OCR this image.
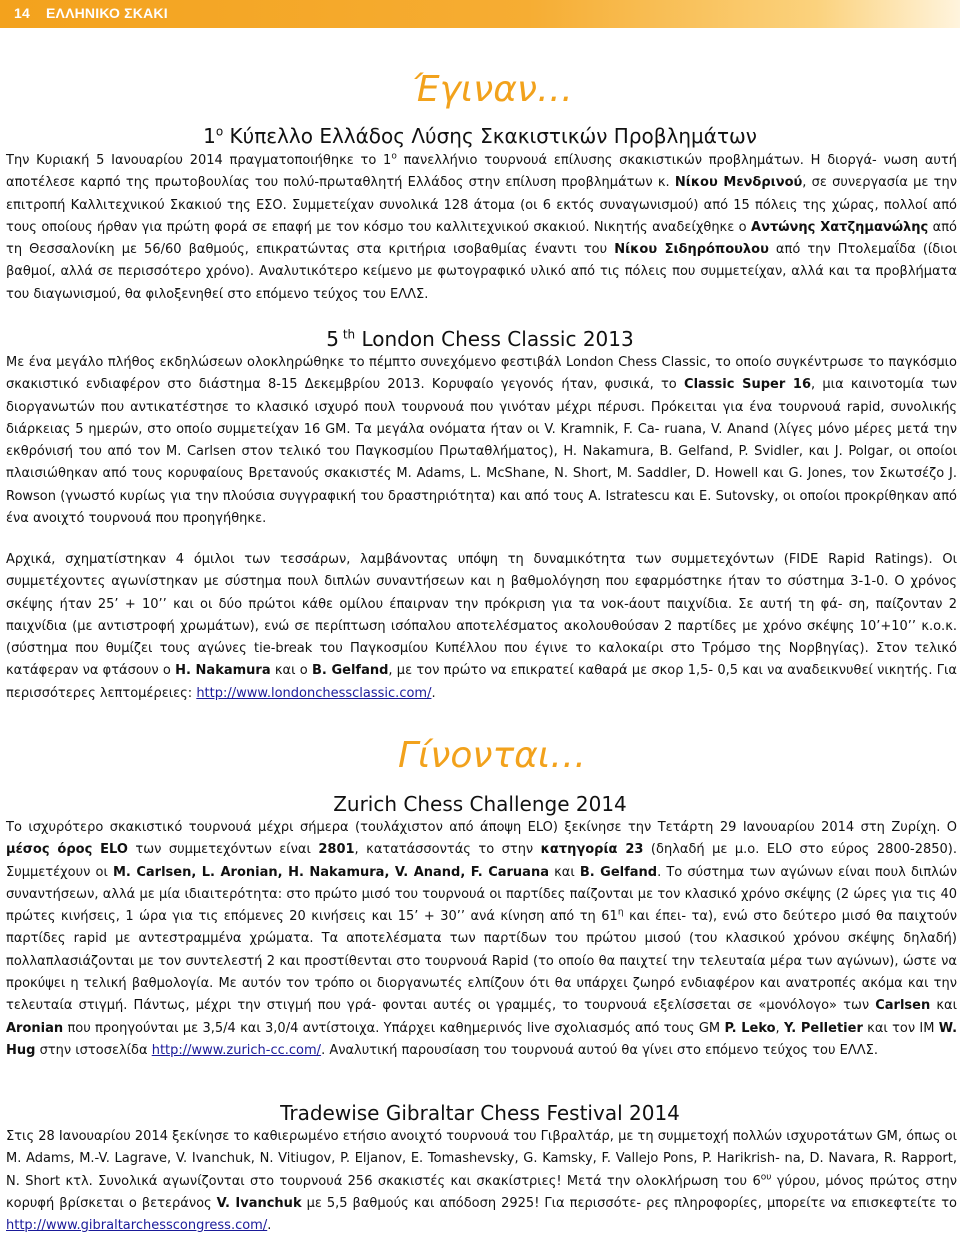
14 ΕΛΛΗΝΙΚΟ ΣΚΑΚΙ
Έγιναν…
$1^o$ Κύπελλο Ελλάδος Λύσης Σκακιστικών Προβλημάτων
Την Κυριακή 5 Ιανουαρίου 2014 πραγματοποιήθηκε το $1^o$ πανελλήνιο τουρνουά επίλυσης σκακιστικών προβλημάτων. Η διοργά- νωση αυτή αποτέλεσε καρπό της πρωτοβουλίας του πολύ-πρωταθλητή Ελλάδος στην επίλυση προβλημάτων κ. Νίκου Μενδρινού, σε συνεργασία με την επιτροπή Καλλιτεχνικού Σκακιού της ΕΣΟ. Συμμετείχαν συνολικά 128 άτομα (οι 6 εκτός συναγωνισμού) από 15 πόλεις της χώρας, πολλοί από τους οποίους ήρθαν για πρώτη φορά σε επαφή με τον κόσμο του καλλιτεχνικού σκακιού. Νικητής αναδείχθηκε ο Αντώνης Χατζημανώλης από τη Θεσσαλονίκη με 56/60 βαθμούς, επικρατώντας στα κριτήρια ισοβαθμίας έναντι του Νίκου Σιδηρόπουλου από την Πτολεμαΐδα (ίδιοι βαθμοί, αλλά σε περισσότερο χρόνο). Αναλυτικότερο κείμενο με φωτογραφικό υλικό από τις πόλεις που συμμετείχαν, αλλά και τα προβλήματα του διαγωνισμού, θα φιλοξενηθεί στο επόμενο τεύχος του ΕΛΛΣ.
5 $^{th}$ London Chess Classic 2013
Με ένα μεγάλο πλήθος εκδηλώσεων ολοκληρώθηκε το πέμπτο συνεχόμενο φεστιβάλ London Chess Classic, το οποίο συγκέντρωσε το παγκόσμιο σκακιστικό ενδιαφέρον στο διάστημα 8-15 Δεκεμβρίου 2013. Κορυφαίο γεγονός ήταν, φυσικά, το Classic Super 16, μια καινοτομία των διοργανωτών που αντικατέστησε το κλασικό ισχυρό πουλ τουρνουά που γινόταν μέχρι πέρυσι. Πρόκειται για ένα τουρνουά rapid, συνολικής διάρκειας 5 ημερών, στο οποίο συμμετείχαν 16 GM. Τα μεγάλα ονόματα ήταν οι V. Kramnik, F. Ca- ruana, V. Anand (λίγες μόνο μέρες μετά την εκθρόνισή του από τον M. Carlsen στον τελικό του Παγκοσμίου Πρωταθλήματος), H. Nakamura, B. Gelfand, P. Svidler, και J. Polgar, οι οποίοι πλαισιώθηκαν από τους κορυφαίους Βρετανούς σκακιστές M. Adams, L. McShane, N. Short, M. Saddler, D. Howell και G. Jones, τον Σκωτσέζο J. Rowson (γνωστό κυρίως για την πλούσια συγγραφική του δραστηριότητα) και από τους A. Istratescu και E. Sutovsky, οι οποίοι προκρίθηκαν από ένα ανοιχτό τουρνουά που προηγήθηκε.
Αρχικά, σχηματίστηκαν 4 όμιλοι των τεσσάρων, λαμβάνοντας υπόψη τη δυναμικότητα των συμμετεχόντων (FIDE Rapid Ratings). Οι συμμετέχοντες αγωνίστηκαν με σύστημα πουλ διπλών συναντήσεων και η βαθμολόγηση που εφαρμόστηκε ήταν το σύστημα 3-1-0. Ο χρόνος σκέψης ήταν 25’ + 10’’ και οι δύο πρώτοι κάθε ομίλου έπαιρναν την πρόκριση για τα νοκ-άουτ παιχνίδια. Σε αυτή τη φά- ση, παίζονταν 2 παιχνίδια (με αντιστροφή χρωμάτων), ενώ σε περίπτωση ισόπαλου αποτελέσματος ακολουθούσαν 2 παρτίδες με χρόνο σκέψης 10’+10’’ κ.ο.κ. (σύστημα που θυμίζει τους αγώνες tie-break του Παγκοσμίου Κυπέλλου που έγινε το καλοκαίρι στο Τρόμσο της Νορβηγίας). Στον τελικό κατάφεραν να φτάσουν ο H. Nakamura και ο B. Gelfand, με τον πρώτο να επικρατεί καθαρά με σκορ 1,5- 0,5 και να αναδεικνυθεί νικητής. Για περισσότερες λεπτομέρειες: http://www.londonchessclassic.com/.
Γίνονται…
Zurich Chess Challenge 2014
Το ισχυρότερο σκακιστικό τουρνουά μέχρι σήμερα (τουλάχιστον από άποψη ELO) ξεκίνησε την Τετάρτη 29 Ιανουαρίου 2014 στη Ζυρίχη. Ο μέσος όρος ELO των συμμετεχόντων είναι 2801, κατατάσσοντάς το στην κατηγορία 23 (δηλαδή με μ.ο. ELO στο εύρος 2800-2850). Συμμετέχουν οι M. Carlsen, L. Aronian, H. Nakamura, V. Anand, F. Caruana και B. Gelfand. Το σύστημα των αγώνων είναι πουλ διπλών συναντήσεων, αλλά με μία ιδιαιτερότητα: στο πρώτο μισό του τουρνουά οι παρτίδες παίζονται με τον κλασικό χρόνο σκέψης (2 ώρες για τις 40 πρώτες κινήσεις, 1 ώρα για τις επόμενες 20 κινήσεις και 15’ + 30’’ ανά κίνηση από τη $61^\eta$ και έπει- τα), ενώ στο δεύτερο μισό θα παιχτούν παρτίδες rapid με αντεστραμμένα χρώματα. Τα αποτελέσματα των παρτίδων του πρώτου μισού (του κλασικού χρόνου σκέψης δηλαδή) πολλαπλασιάζονται με τον συντελεστή 2 και προστίθενται στο τουρνουά Rapid (το οποίο θα παιχτεί την τελευταία μέρα των αγώνων), ώστε να προκύψει η τελική βαθμολογία. Με αυτόν τον τρόπο οι διοργανωτές ελπίζουν ότι θα υπάρχει ζωηρό ενδιαφέρον και ανατροπές ακόμα και την τελευταία στιγμή. Πάντως, μέχρι την στιγμή που γρά- φονται αυτές οι γραμμές, το τουρνουά εξελίσσεται σε «μονόλογο» των Carlsen και Aronian που προηγούνται με 3,5/4 και 3,0/4 αντίστοιχα. Υπάρχει καθημερινός live σχολιασμός από τους GM P. Leko, Y. Pelletier και τον IM W. Hug στην ιστοσελίδα http://www.zurich-cc.com/. Αναλυτική παρουσίαση του τουρνουά αυτού θα γίνει στο επόμενο τεύχος του ΕΛΛΣ.
Tradewise Gibraltar Chess Festival 2014
Στις 28 Ιανουαρίου 2014 ξεκίνησε το καθιερωμένο ετήσιο ανοιχτό τουρνουά του Γιβραλτάρ, με τη συμμετοχή πολλών ισχυροτάτων GM, όπως οι M. Adams, M.-V. Lagrave, V. Ivanchuk, N. Vitiugov, P. Eljanov, E. Tomashevsky, G. Kamsky, F. Vallejo Pons, P. Harikrish- na, D. Navara, R. Rapport, N. Short κτλ. Συνολικά αγωνίζονται στο τουρνουά 256 σκακιστές και σκακίστριες! Μετά την ολοκλήρωση του $6^{o\upsilon}$ γύρου, μόνος πρώτος στην κορυφή βρίσκεται ο βετεράνος V. Ivanchuk με 5,5 βαθμούς και απόδοση 2925! Για περισσότε- ρες πληροφορίες, μπορείτε να επισκεφτείτε το http://www.gibraltarchesscongress.com/.
